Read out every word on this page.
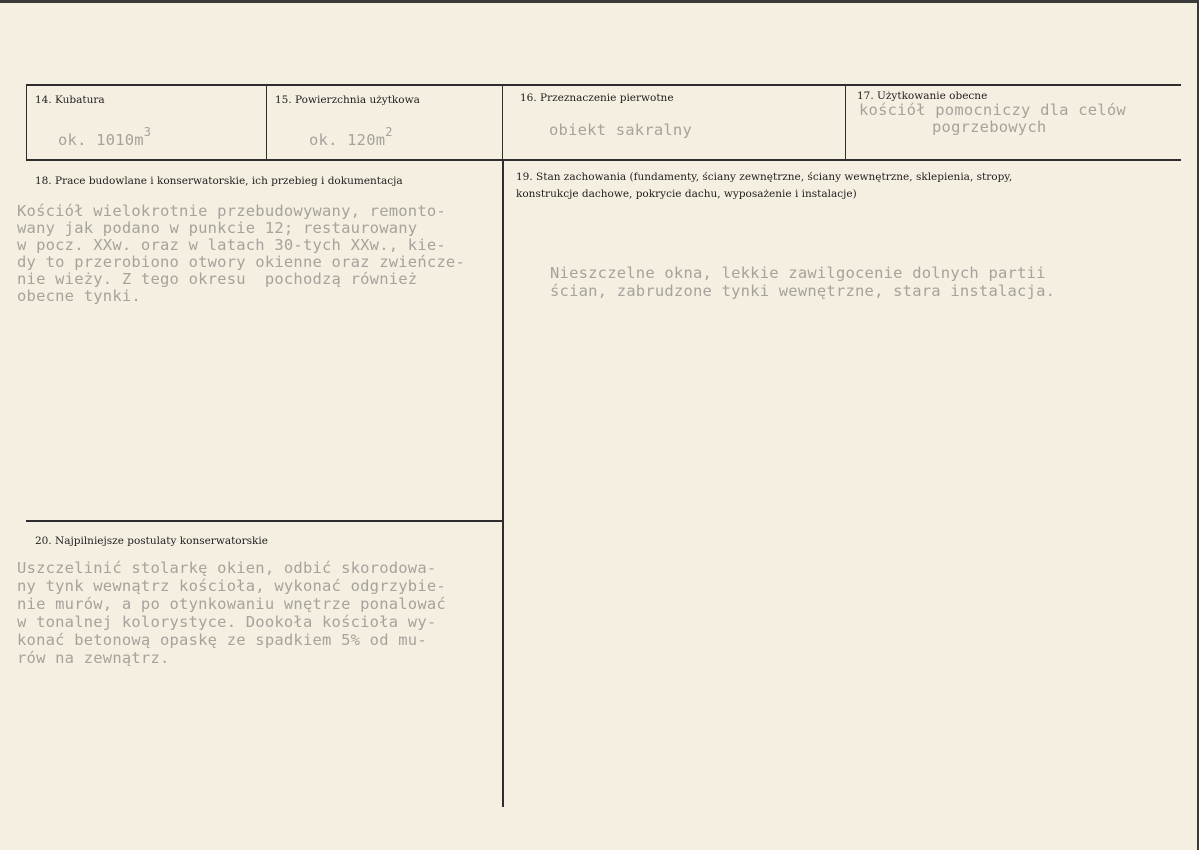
14. Kubatura
ok. $1010m^3$
15. Powierzchnia użytkowa
ok. $120m^2$
16. Przeznaczenie pierwotne
obiekt sakralny
17. Użytkowanie obecne
kościół pomocniczy dla celów
pogrzebowych
18. Prace budowlane i konserwatorskie, ich przebieg i dokumentacja
Kościół wielokrotnie przebudowywany, remonto-
wany jak podano w punkcie 12; restaurowany
w pocz. XXw. oraz w latach 30-tych XXw., kie-
dy to przerobiono otwory okienne oraz zwieńcze-
nie wieży. Z tego okresu  pochodzą również
obecne tynki.
19. Stan zachowania (fundamenty, ściany zewnętrzne, ściany wewnętrzne, sklepienia, stropy,
konstrukcje dachowe, pokrycie dachu, wyposażenie i instalacje)
Nieszczelne okna, lekkie zawilgocenie dolnych partii
ścian, zabrudzone tynki wewnętrzne, stara instalacja.
20. Najpilniejsze postulaty konserwatorskie
Uszczelinić stolarkę okien, odbić skorodowa-
ny tynk wewnątrz kościoła, wykonać odgrzybie-
nie murów, a po otynkowaniu wnętrze ponalować
w tonalnej kolorystyce. Dookoła kościoła wy-
konać betonową opaskę ze spadkiem 5% od mu-
rów na zewnątrz.
